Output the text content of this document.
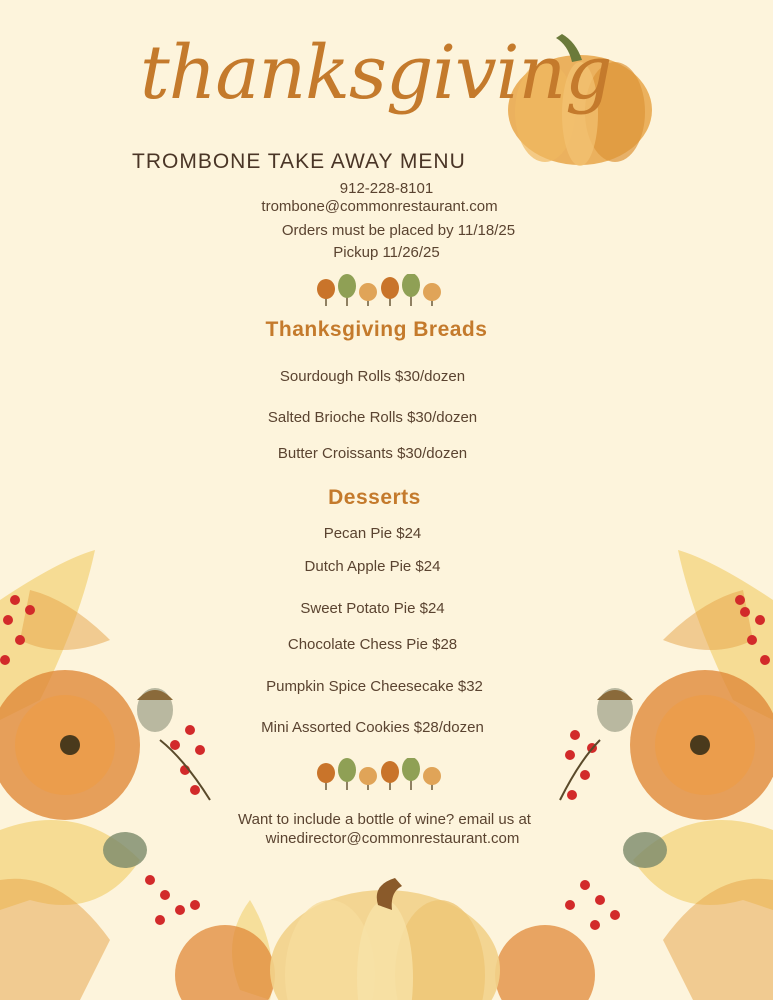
thanksgiving
TROMBONE TAKE AWAY MENU
912-228-8101
trombone@commonrestaurant.com
Orders must be placed by 11/18/25
Pickup 11/26/25
Thanksgiving Breads
Sourdough Rolls $30/dozen
Salted Brioche Rolls $30/dozen
Butter Croissants $30/dozen
Desserts
Pecan Pie $24
Dutch Apple Pie $24
Sweet Potato Pie $24
Chocolate Chess Pie $28
Pumpkin Spice Cheesecake $32
Mini Assorted Cookies $28/dozen
Want to include a bottle of wine? email us at
winedirector@commonrestaurant.com
